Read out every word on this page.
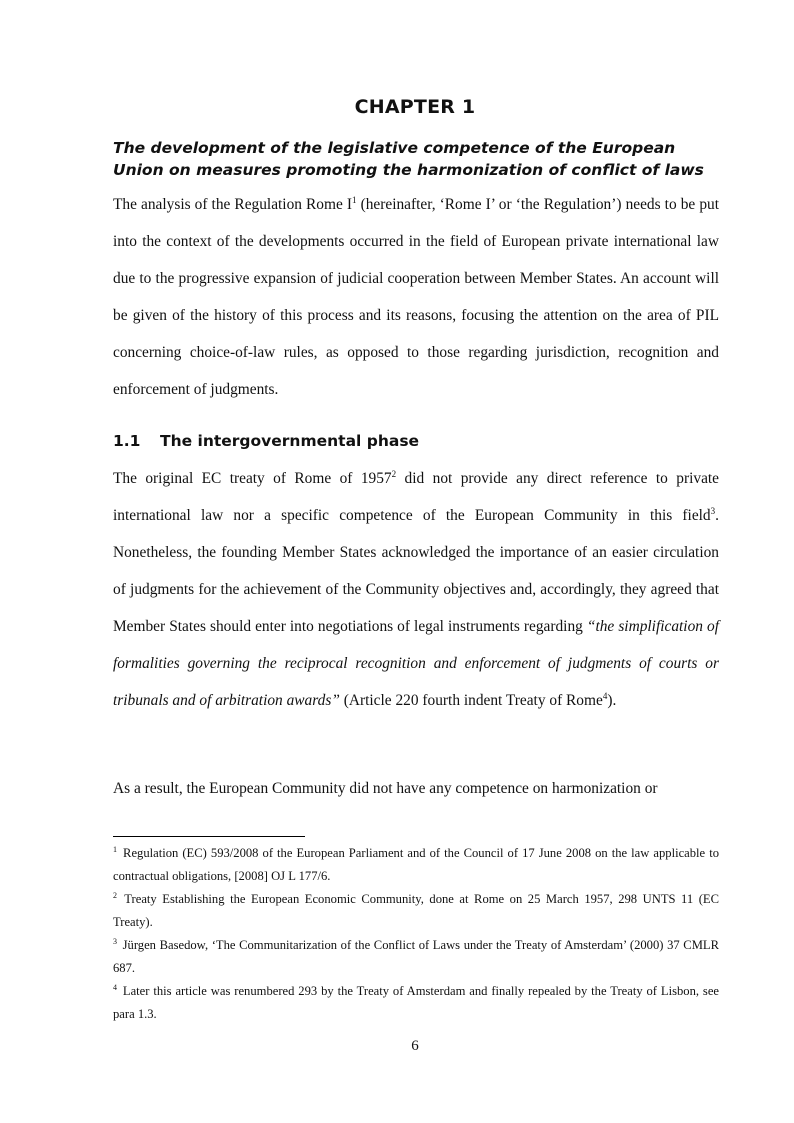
CHAPTER 1
The development of the legislative competence of the European Union on measures promoting the harmonization of conflict of laws

The analysis of the Regulation Rome $I^1$ (hereinafter, ‘Rome I’ or ‘the Regulation’) needs to be put into the context of the developments occurred in the field of European private international law due to the progressive expansion of judicial cooperation between Member States. An account will be given of the history of this process and its reasons, focusing the attention on the area of PIL concerning choice-of-law rules, as opposed to those regarding jurisdiction, recognition and enforcement of judgments.

1.1 The intergovernmental phase

The original EC treaty of Rome of 1957$^2$ did not provide any direct reference to private international law nor a specific competence of the European Community in this field$^3$. Nonetheless, the founding Member States acknowledged the importance of an easier circulation of judgments for the achievement of the Community objectives and, accordingly, they agreed that Member States should enter into negotiations of legal instruments regarding “the simplification of formalities governing the reciprocal recognition and enforcement of judgments of courts or tribunals and of arbitration awards” (Article 220 fourth indent Treaty of Rome$^4$).

As a result, the European Community did not have any competence on harmonization or

$^1$ Regulation (EC) 593/2008 of the European Parliament and of the Council of 17 June 2008 on the law applicable to contractual obligations, [2008] OJ L 177/6.

$^2$ Treaty Establishing the European Economic Community, done at Rome on 25 March 1957, 298 UNTS 11 (EC Treaty).

$^3$ Jürgen Basedow, ‘The Communitarization of the Conflict of Laws under the Treaty of Amsterdam’ (2000) 37 CMLR 687.

$^4$ Later this article was renumbered 293 by the Treaty of Amsterdam and finally repealed by the Treaty of Lisbon, see para 1.3.

6
